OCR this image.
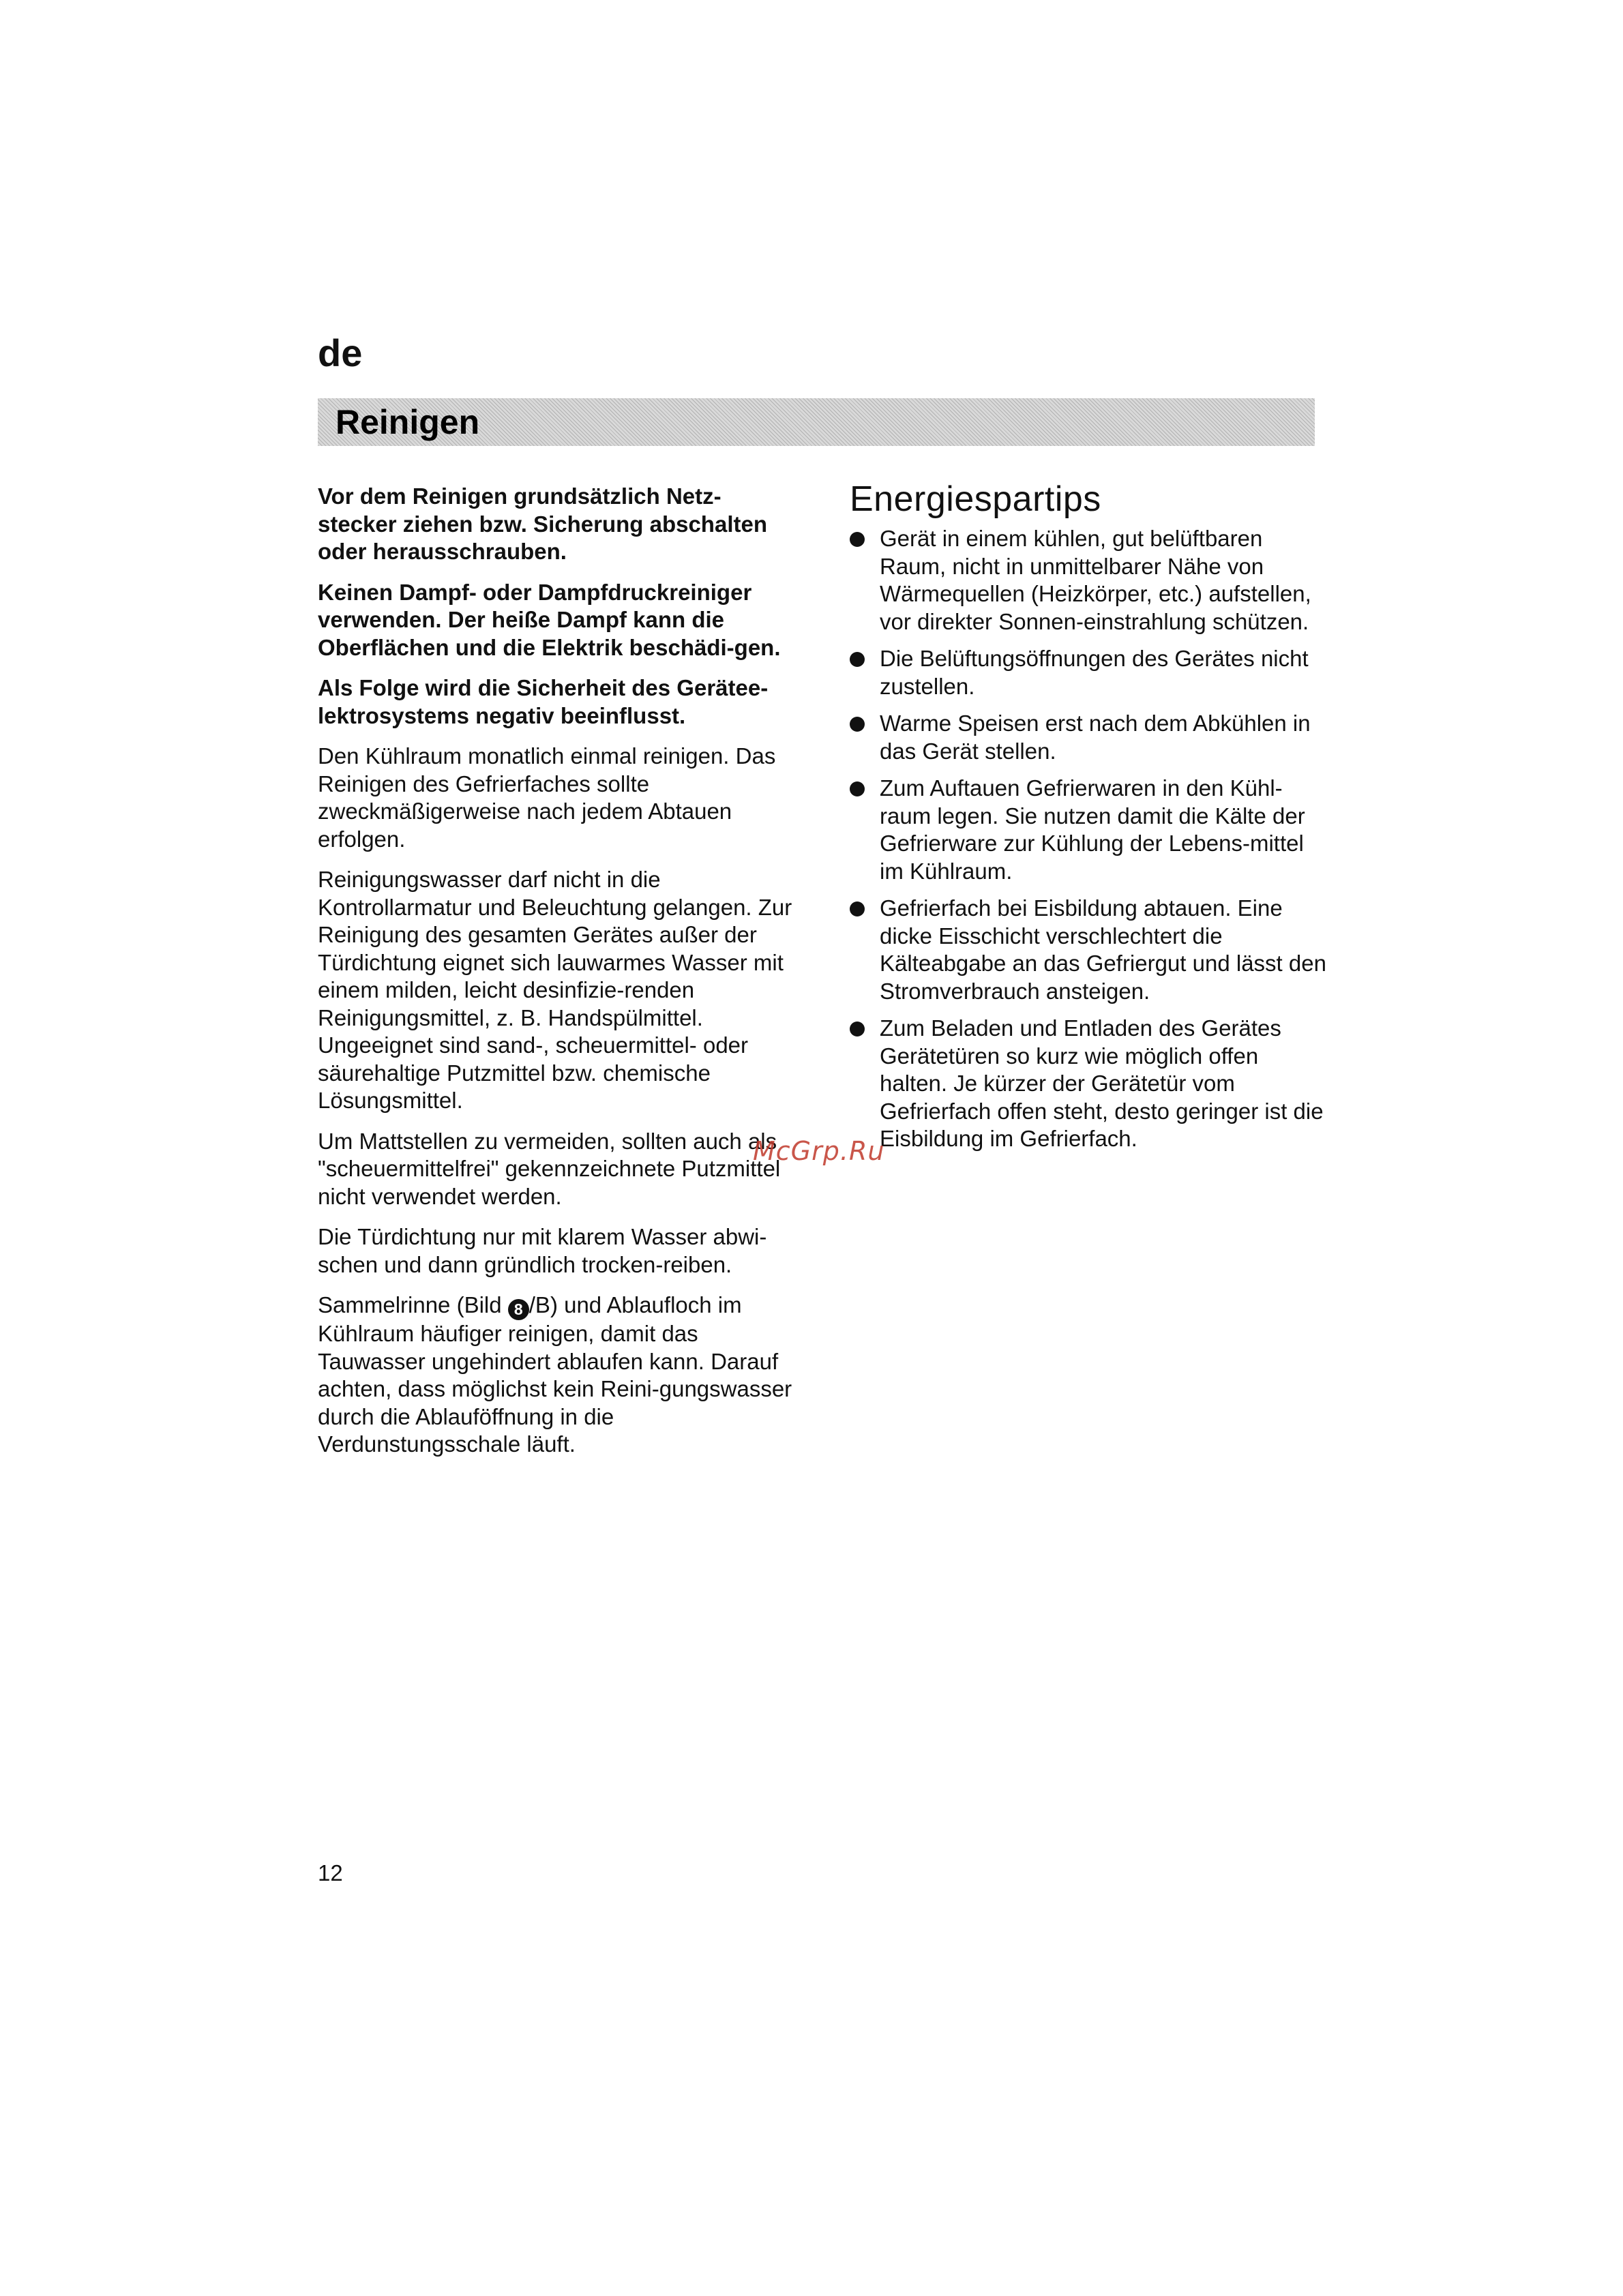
de
Reinigen

Vor dem Reinigen grundsätzlich Netz-stecker ziehen bzw. Sicherung abschalten oder herausschrauben.

Keinen Dampf- oder Dampfdruckreiniger verwenden. Der heiße Dampf kann die Oberflächen und die Elektrik beschädi-gen.

Als Folge wird die Sicherheit des Gerätee-lektrosystems negativ beeinflusst.

Den Kühlraum monatlich einmal reinigen. Das Reinigen des Gefrierfaches sollte zweckmäßigerweise nach jedem Abtauen erfolgen.

Reinigungswasser darf nicht in die Kontrollarmatur und Beleuchtung gelangen. Zur Reinigung des gesamten Gerätes außer der Türdichtung eignet sich lauwarmes Wasser mit einem milden, leicht desinfizie-renden Reinigungsmittel, z. B. Handspülmittel. Ungeeignet sind sand-, scheuermittel- oder säurehaltige Putzmittel bzw. chemische Lösungsmittel.

Um Mattstellen zu vermeiden, sollten auch als "scheuermittelfrei" gekennzeichnete Putzmittel nicht verwendet werden.

Die Türdichtung nur mit klarem Wasser abwi-schen und dann gründlich trocken-reiben.

Sammelrinne (Bild 8 /B) und Ablaufloch im Kühlraum häufiger reinigen, damit das Tauwasser ungehindert ablaufen kann. Darauf achten, dass möglichst kein Reini-gungswasser durch die Ablauföffnung in die Verdunstungsschale läuft.

Energiespartips
Gerät in einem kühlen, gut belüftbaren Raum, nicht in unmittelbarer Nähe von Wärmequellen (Heizkörper, etc.) aufstellen, vor direkter Sonnen-einstrahlung schützen.
Die Belüftungsöffnungen des Gerätes nicht zustellen.
Warme Speisen erst nach dem Abkühlen in das Gerät stellen.
Zum Auftauen Gefrierwaren in den Kühl-raum legen. Sie nutzen damit die Kälte der Gefrierware zur Kühlung der Lebens-mittel im Kühlraum.
Gefrierfach bei Eisbildung abtauen. Eine dicke Eisschicht verschlechtert die Kälteabgabe an das Gefriergut und lässt den Stromverbrauch ansteigen.
Zum Beladen und Entladen des Gerätes Gerätetüren so kurz wie möglich offen halten. Je kürzer der Gerätetür vom Gefrierfach offen steht, desto geringer ist die Eisbildung im Gefrierfach.
McGrp.Ru
12
